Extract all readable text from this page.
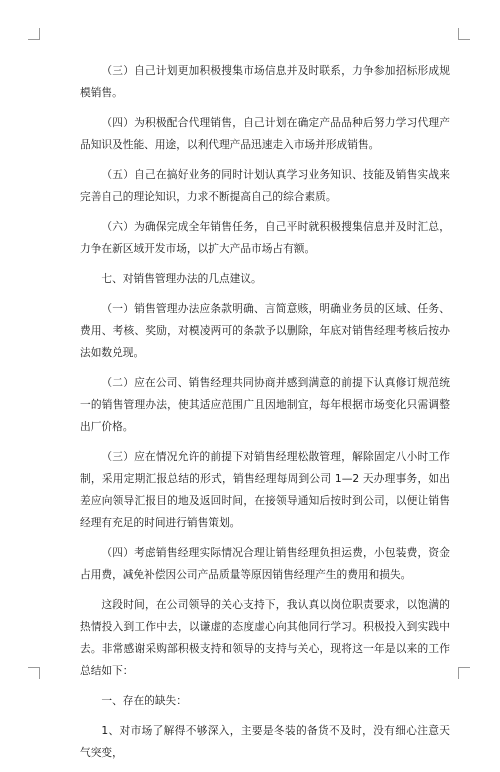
（三）自己计划更加积极搜集市场信息并及时联系，力争参加招标形成规模销售。

（四）为积极配合代理销售，自己计划在确定产品品种后努力学习代理产品知识及性能、用途，以利代理产品迅速走入市场并形成销售。

（五）自己在搞好业务的同时计划认真学习业务知识、技能及销售实战来完善自己的理论知识，力求不断提高自己的综合素质。

（六）为确保完成全年销售任务，自己平时就积极搜集信息并及时汇总，力争在新区域开发市场，以扩大产品市场占有额。

七、对销售管理办法的几点建议。

（一）销售管理办法应条款明确、言简意赅，明确业务员的区域、任务、费用、考核、奖励，对模凌两可的条款予以删除，年底对销售经理考核后按办法如数兑现。

（二）应在公司、销售经理共同协商并感到满意的前提下认真修订规范统一的销售管理办法，使其适应范围广且因地制宜，每年根据市场变化只需调整出厂价格。

（三）应在情况允许的前提下对销售经理松散管理，解除固定八小时工作制，采用定期汇报总结的形式，销售经理每周到公司 1—2 天办理事务，如出差应向领导汇报目的地及返回时间，在接领导通知后按时到公司，以便让销售经理有充足的时间进行销售策划。

（四）考虑销售经理实际情况合理让销售经理负担运费，小包装费，资金占用费，减免补偿因公司产品质量等原因销售经理产生的费用和损失。

这段时间，在公司领导的关心支持下，我认真以岗位职责要求，以饱满的热情投入到工作中去，以谦虚的态度虚心向其他同行学习。积极投入到实践中去。非常感谢采购部积极支持和领导的支持与关心，现将这一年是以来的工作总结如下：

一、存在的缺失：

1、对市场了解得不够深入，主要是冬装的备货不及时，没有细心注意天气突变，
